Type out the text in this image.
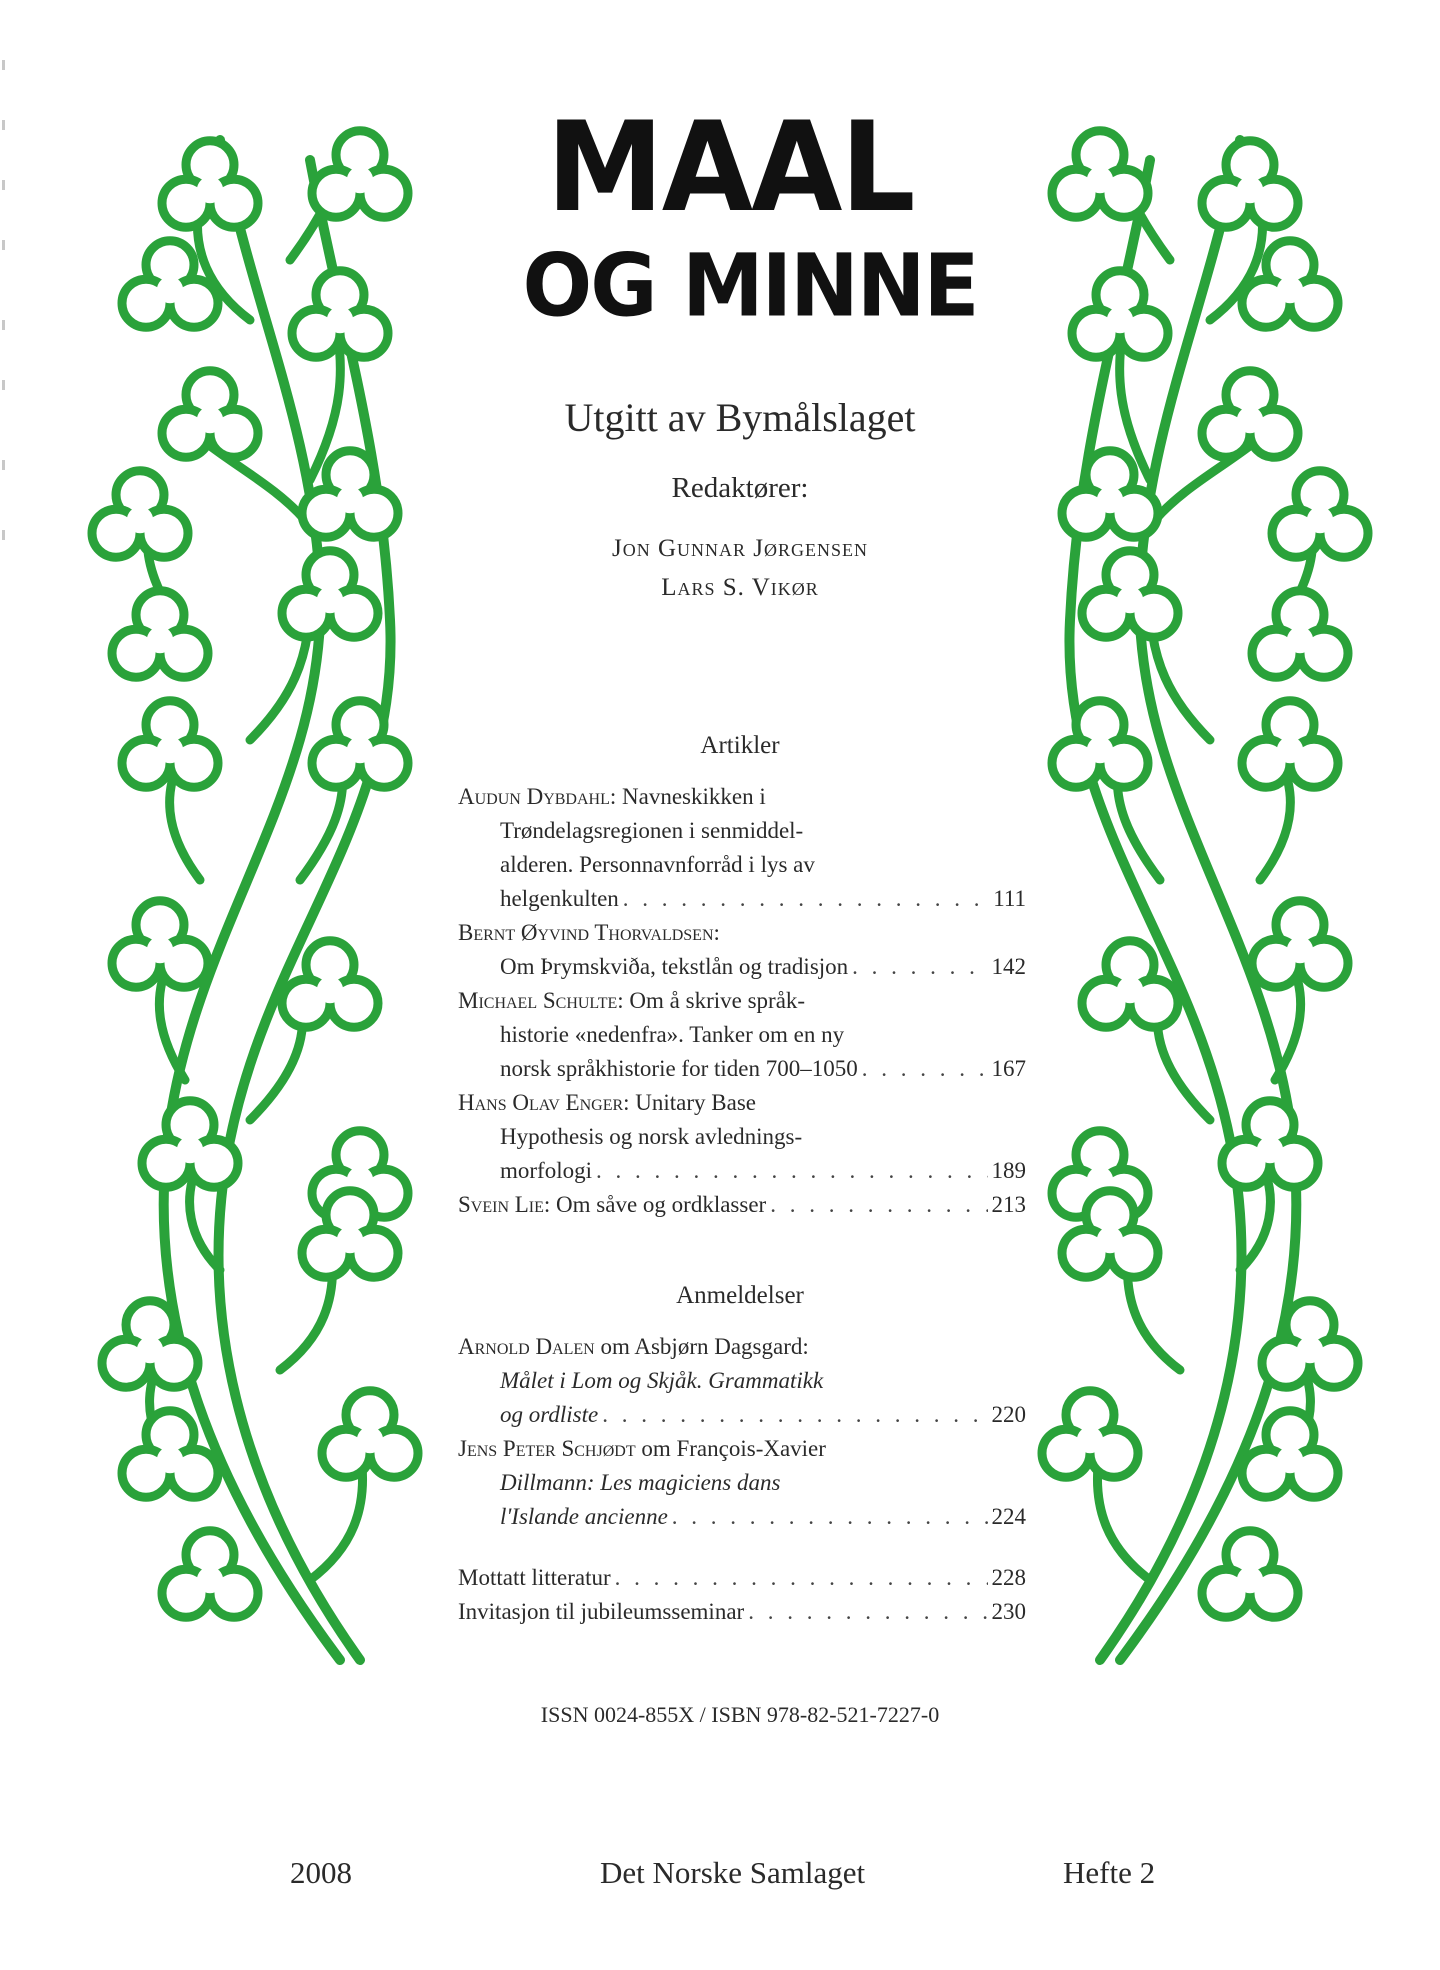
MAAL
OG MINNE
Utgitt av Bymålslaget
Redaktører:
Jon Gunnar Jørgensen
Lars S. Vikør
Artikler
Audun Dybdahl: Navneskikken i
Trøndelagsregionen i senmiddel-
alderen. Personnavnforråd i lys av
helgenkulten . . .	111
Bernt Øyvind Thorvaldsen:
Om Þrymskviða, tekstlån og tradisjon . . .	142
Michael Schulte: Om å skrive språk-
historie «nedenfra». Tanker om en ny
norsk språkhistorie for tiden 700–1050 . . .	167
Hans Olav Enger: Unitary Base
Hypothesis og norsk avlednings-
morfologi . . .	189
Svein Lie: Om såve og ordklasser . . .	213
Anmeldelser
Arnold Dalen om Asbjørn Dagsgard:
Målet i Lom og Skjåk. Grammatikk
og ordliste . . .	220
Jens Peter Schjødt om François-Xavier
Dillmann: Les magiciens dans
l'Islande ancienne . . .	224
Mottatt litteratur . . .	228
Invitasjon til jubileumsseminar . . .	230
ISSN 0024-855X / ISBN 978-82-521-7227-0
2008	Det Norske Samlaget	Hefte 2
